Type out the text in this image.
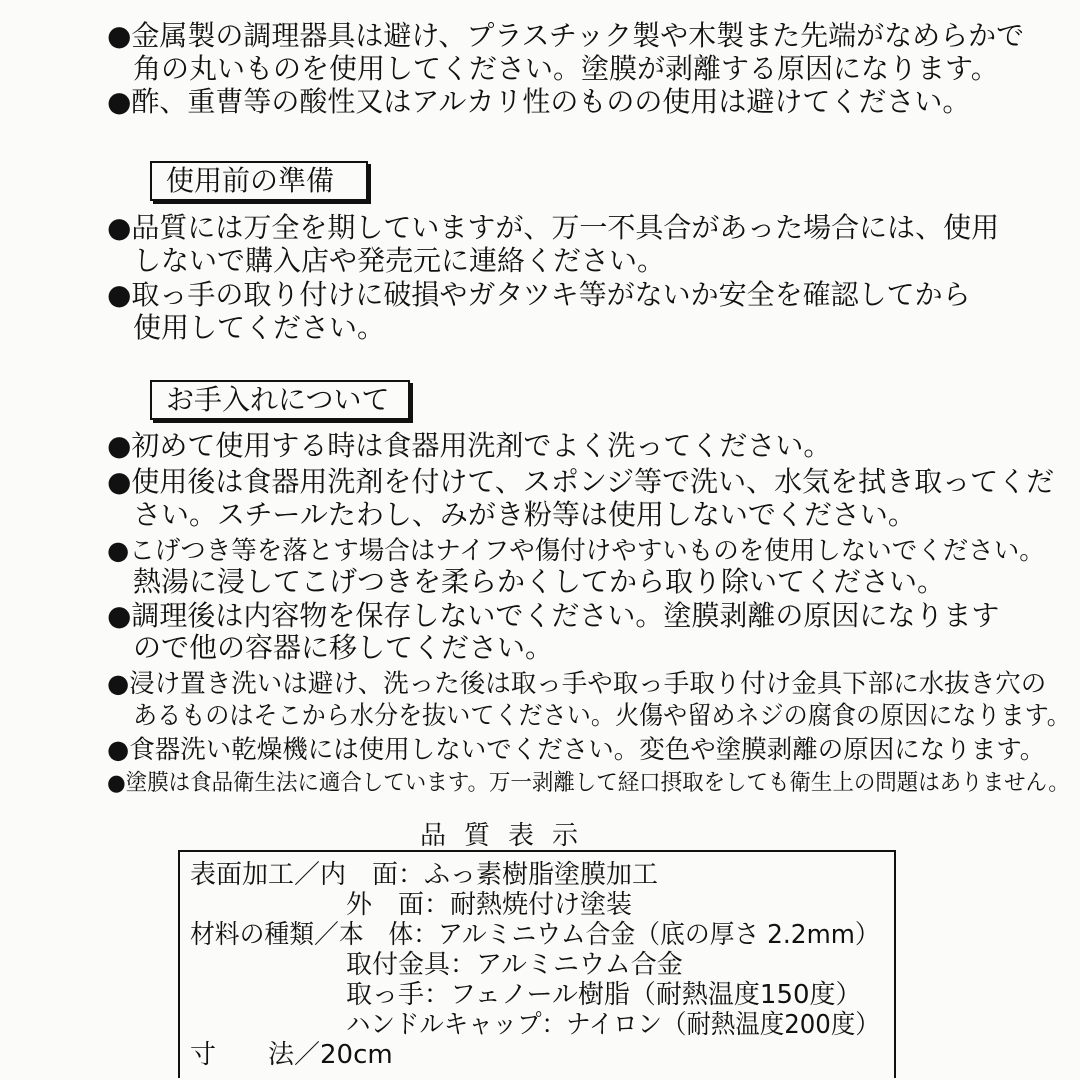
●金属製の調理器具は避け、プラスチック製や木製また先端がなめらかで
角の丸いものを使用してください。塗膜が剥離する原因になります。
●酢、重曹等の酸性又はアルカリ性のものの使用は避けてください。
使用前の準備
●品質には万全を期していますが、万一不具合があった場合には、使用
しないで購入店や発売元に連絡ください。
●取っ手の取り付けに破損やガタツキ等がないか安全を確認してから
使用してください。
お手入れについて
●初めて使用する時は食器用洗剤でよく洗ってください。
●使用後は食器用洗剤を付けて、スポンジ等で洗い、水気を拭き取ってくだ
さい。スチールたわし、みがき粉等は使用しないでください。
●こげつき等を落とす場合はナイフや傷付けやすいものを使用しないでください。
熱湯に浸してこげつきを柔らかくしてから取り除いてください。
●調理後は内容物を保存しないでください。塗膜剥離の原因になります
ので他の容器に移してください。
●浸け置き洗いは避け、洗った後は取っ手や取っ手取り付け金具下部に水抜き穴の
あるものはそこから水分を抜いてください。火傷や留めネジの腐食の原因になります。
●食器洗い乾燥機には使用しないでください。変色や塗膜剥離の原因になります。
●塗膜は食品衛生法に適合しています。万一剥離して経口摂取をしても衛生上の問題はありません。
品質表示
表面加工／内　面：ふっ素樹脂塗膜加工
外　面：耐熱焼付け塗装
材料の種類／本　体：アルミニウム合金（底の厚さ 2.2mm）
取付金具：アルミニウム合金
取っ手：フェノール樹脂（耐熱温度150度）
ハンドルキャップ：ナイロン（耐熱温度200度）
寸　　法／20cm
